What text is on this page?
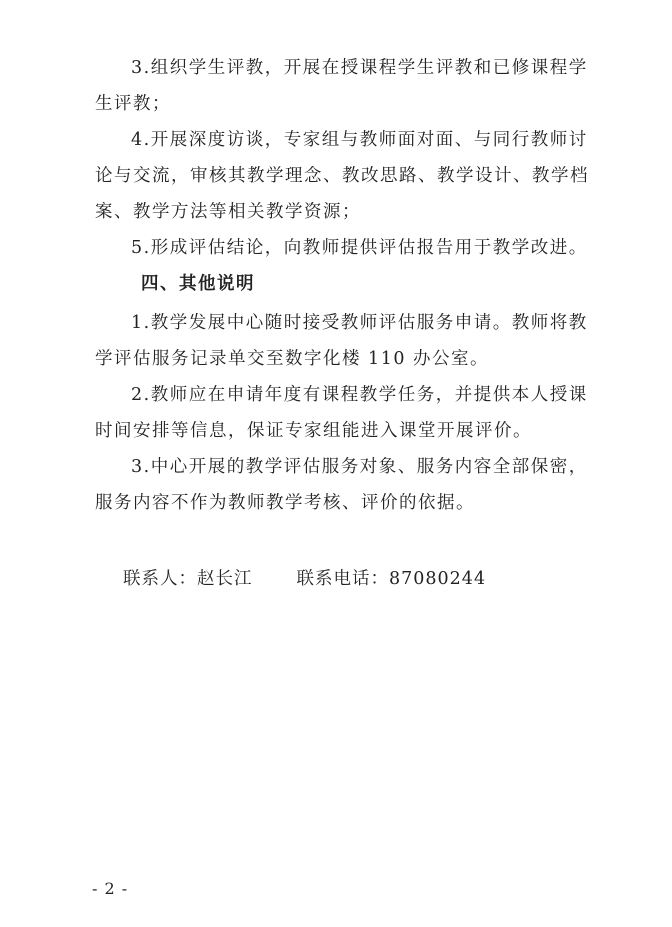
3.组织学生评教，开展在授课程学生评教和已修课程学
生评教；
4.开展深度访谈，专家组与教师面对面、与同行教师讨
论与交流，审核其教学理念、教改思路、教学设计、教学档
案、教学方法等相关教学资源；
5.形成评估结论，向教师提供评估报告用于教学改进。
四、其他说明
1.教学发展中心随时接受教师评估服务申请。教师将教
学评估服务记录单交至数字化楼 110 办公室。
2.教师应在申请年度有课程教学任务，并提供本人授课
时间安排等信息，保证专家组能进入课堂开展评价。
3.中心开展的教学评估服务对象、服务内容全部保密，
服务内容不作为教师教学考核、评价的依据。
联系人：赵长江	联系电话：87080244
- 2 -
